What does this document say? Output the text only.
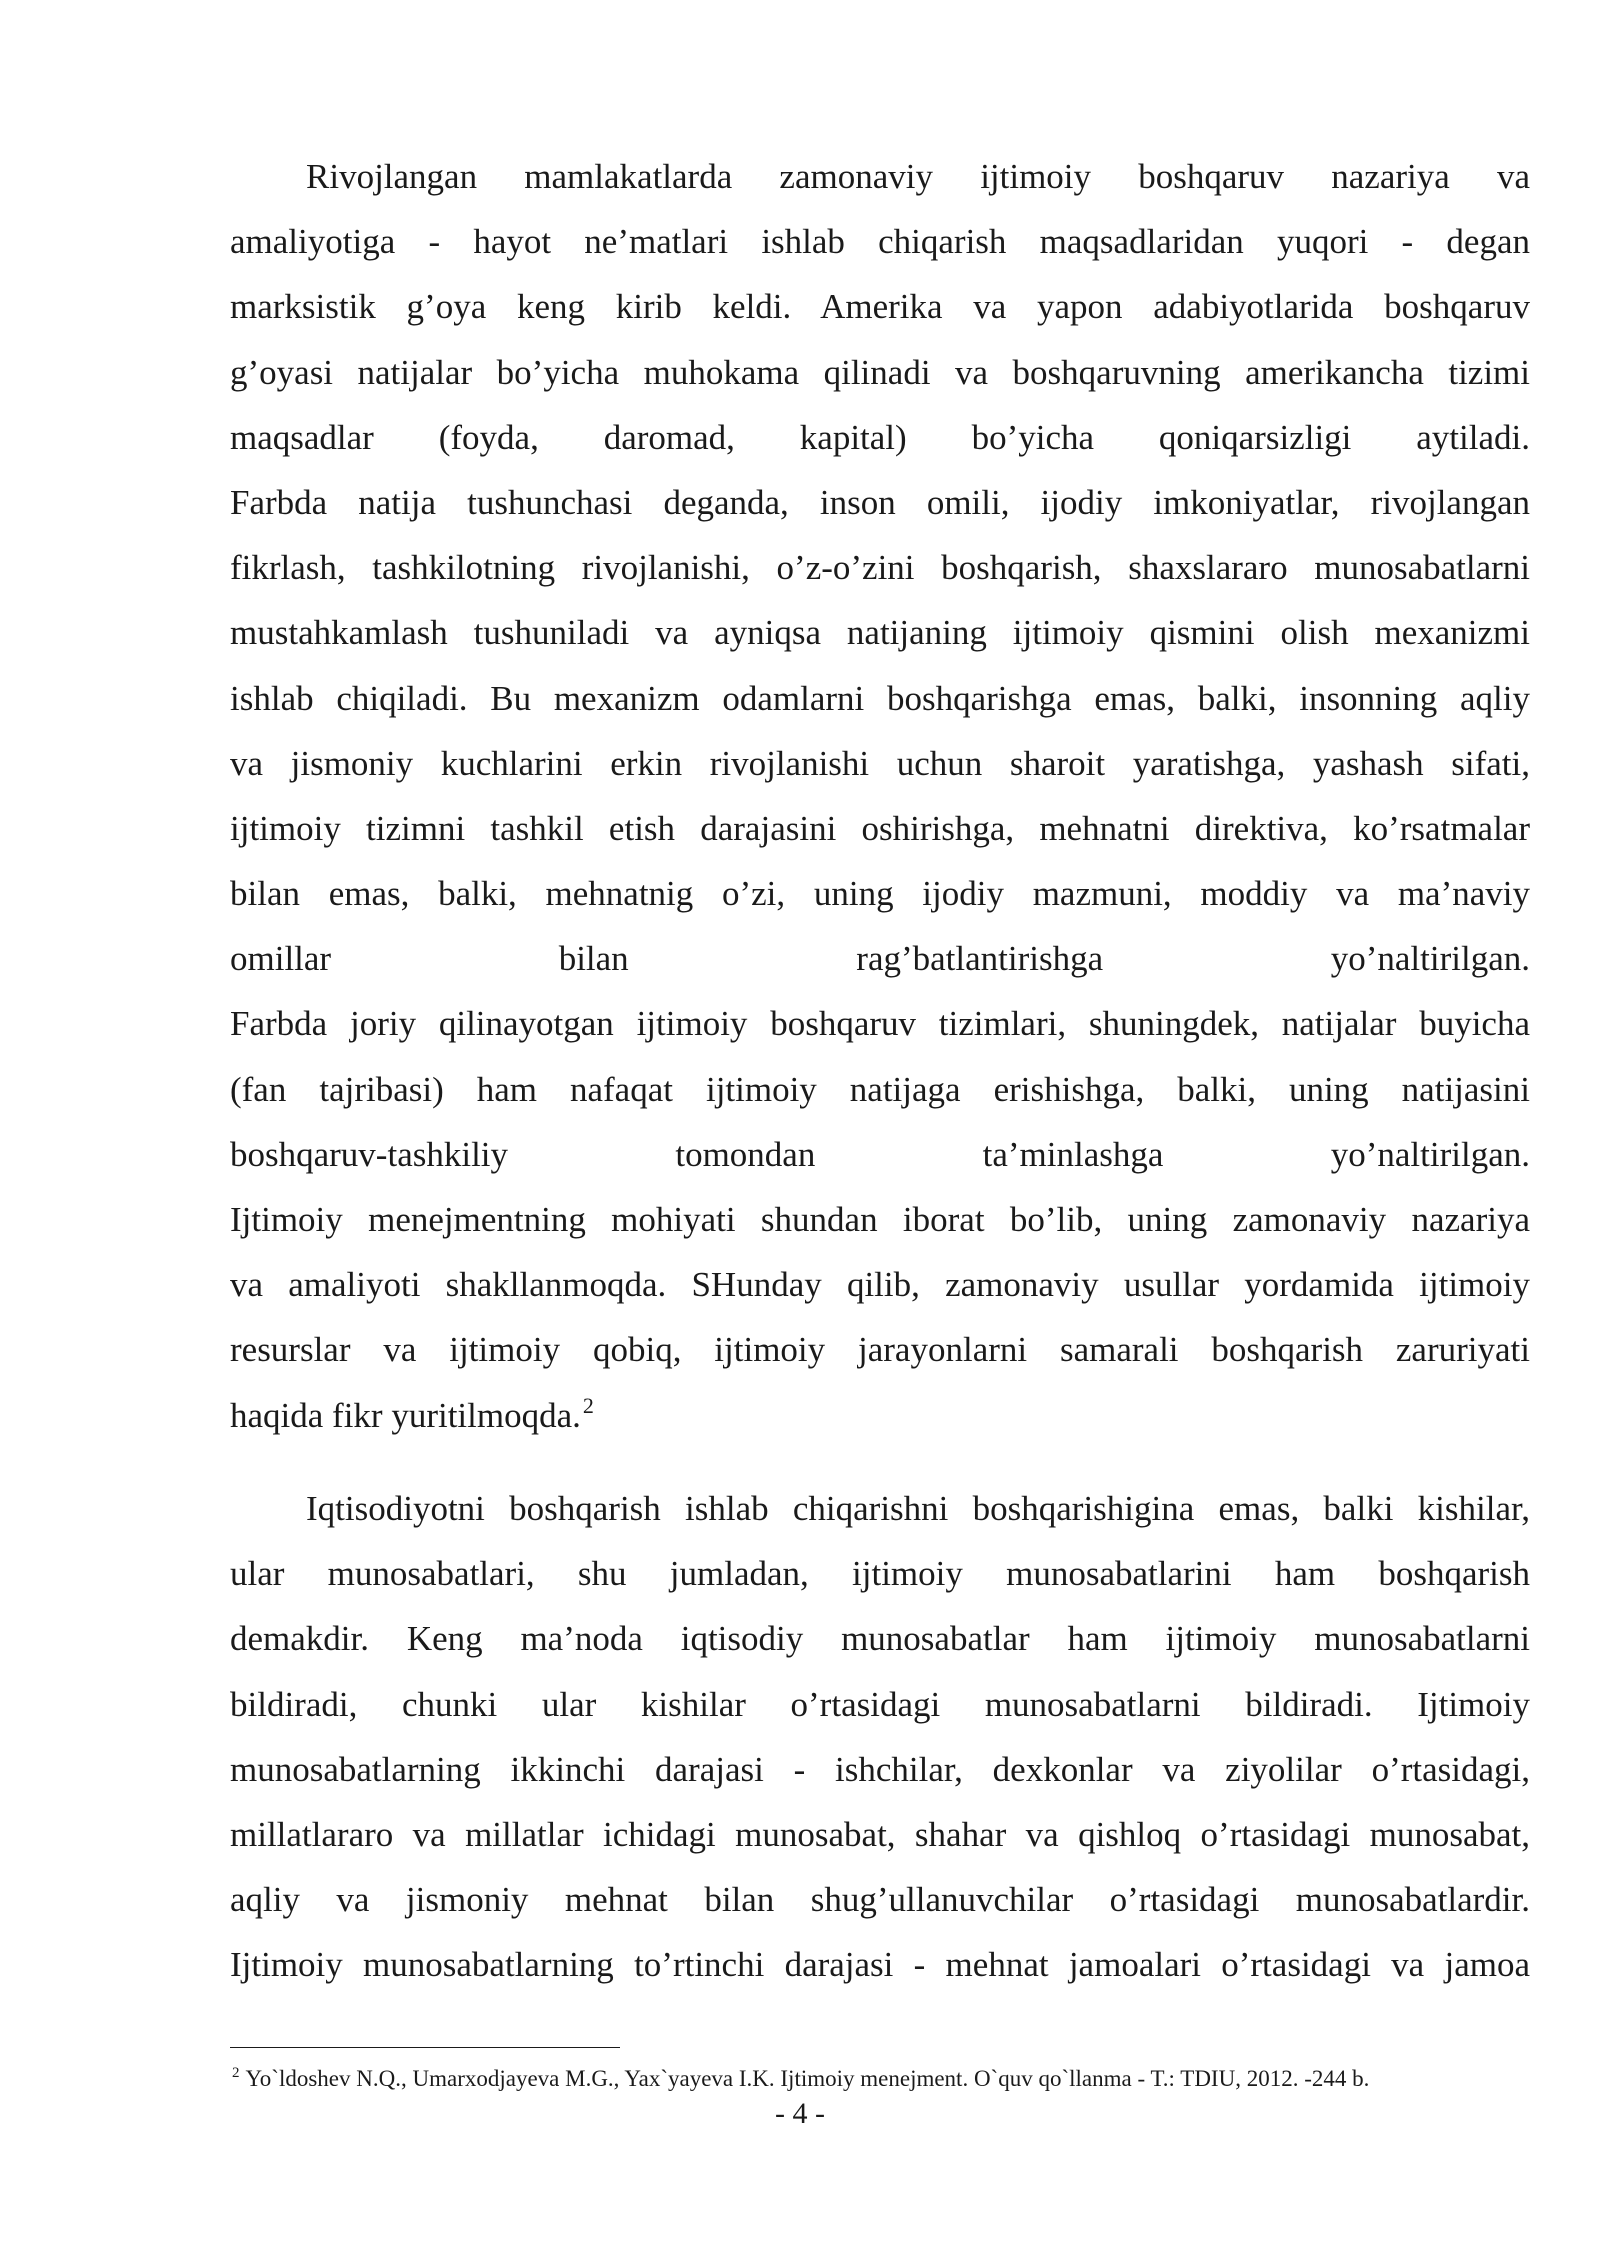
Rivojlangan mamlakatlarda zamonaviy ijtimoiy boshqaruv nazariya va
amaliyotiga - hayot ne’matlari ishlab chiqarish maqsadlaridan yuqori - degan
marksistik g’oya keng kirib keldi. Amerika va yapon adabiyotlarida boshqaruv
g’oyasi natijalar bo’yicha muhokama qilinadi va boshqaruvning amerikancha tizimi
maqsadlar (foyda, daromad, kapital) bo’yicha qoniqarsizligi aytiladi.
Farbda natija tushunchasi deganda, inson omili, ijodiy imkoniyatlar, rivojlangan
fikrlash, tashkilotning rivojlanishi, o’z-o’zini boshqarish, shaxslararo munosabatlarni
mustahkamlash tushuniladi va ayniqsa natijaning ijtimoiy qismini olish mexanizmi
ishlab chiqiladi. Bu mexanizm odamlarni boshqarishga emas, balki, insonning aqliy
va jismoniy kuchlarini erkin rivojlanishi uchun sharoit yaratishga, yashash sifati,
ijtimoiy tizimni tashkil etish darajasini oshirishga, mehnatni direktiva, ko’rsatmalar
bilan emas, balki, mehnatnig o’zi, uning ijodiy mazmuni, moddiy va ma’naviy
omillar bilan rag’batlantirishga yo’naltirilgan.
Farbda joriy qilinayotgan ijtimoiy boshqaruv tizimlari, shuningdek, natijalar buyicha
(fan tajribasi) ham nafaqat ijtimoiy natijaga erishishga, balki, uning natijasini
boshqaruv-tashkiliy tomondan ta’minlashga yo’naltirilgan.
Ijtimoiy menejmentning mohiyati shundan iborat bo’lib, uning zamonaviy nazariya
va amaliyoti shakllanmoqda. SHunday qilib, zamonaviy usullar yordamida ijtimoiy
resurslar va ijtimoiy qobiq, ijtimoiy jarayonlarni samarali boshqarish zaruriyati
haqida fikr yuritilmoqda.$^2$
Iqtisodiyotni boshqarish ishlab chiqarishni boshqarishigina emas, balki kishilar,
ular munosabatlari, shu jumladan, ijtimoiy munosabatlarini ham boshqarish
demakdir. Keng ma’noda iqtisodiy munosabatlar ham ijtimoiy munosabatlarni
bildiradi, chunki ular kishilar o’rtasidagi munosabatlarni bildiradi. Ijtimoiy
munosabatlarning ikkinchi darajasi - ishchilar, dexkonlar va ziyolilar o’rtasidagi,
millatlararo va millatlar ichidagi munosabat, shahar va qishloq o’rtasidagi munosabat,
aqliy va jismoniy mehnat bilan shug’ullanuvchilar o’rtasidagi munosabatlardir.
Ijtimoiy munosabatlarning to’rtinchi darajasi - mehnat jamoalari o’rtasidagi va jamoa
$^2$ Yo`ldoshev N.Q., Umarxodjayeva M.G., Yax`yayeva I.K. Ijtimoiy menejment. O`quv qo`llanma - T.: TDIU, 2012. -244 b.
- 4 -
